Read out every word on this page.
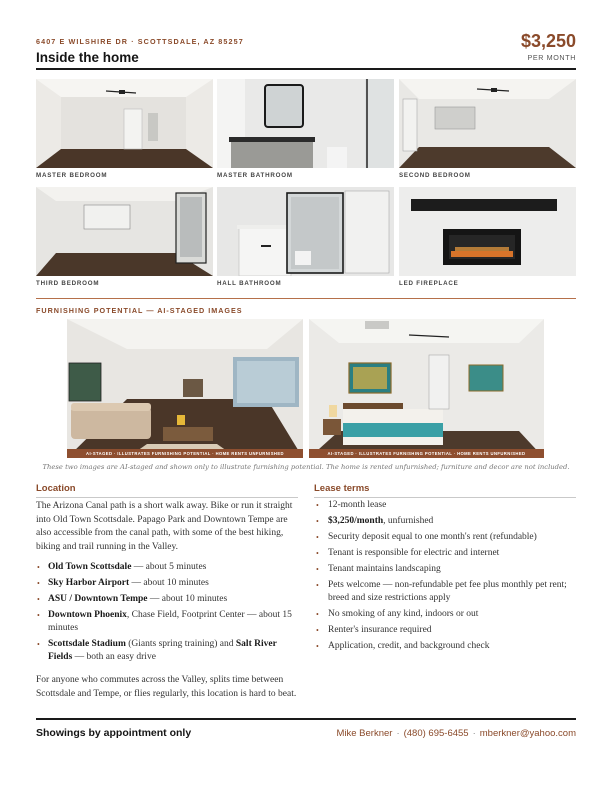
6407 E WILSHIRE DR · SCOTTSDALE, AZ 85257
Inside the home
$3,250
PER MONTH
MASTER BEDROOM	MASTER BATHROOM	SECOND BEDROOM
THIRD BEDROOM	HALL BATHROOM	LED FIREPLACE
FURNISHING POTENTIAL — AI-STAGED IMAGES
AI-STAGED · ILLUSTRATES FURNISHING POTENTIAL · HOME RENTS UNFURNISHED	AI-STAGED · ILLUSTRATES FURNISHING POTENTIAL · HOME RENTS UNFURNISHED
These two images are AI-staged and shown only to illustrate furnishing potential. The home is rented unfurnished; furniture and decor are not included.
Location
The Arizona Canal path is a short walk away. Bike or run it straight into Old Town Scottsdale. Papago Park and Downtown Tempe are also accessible from the canal path, with some of the best hiking, biking and trail running in the Valley.
• Old Town Scottsdale — about 5 minutes
• Sky Harbor Airport — about 10 minutes
• ASU / Downtown Tempe — about 10 minutes
• Downtown Phoenix, Chase Field, Footprint Center — about 15 minutes
• Scottsdale Stadium (Giants spring training) and Salt River Fields — both an easy drive
For anyone who commutes across the Valley, splits time between Scottsdale and Tempe, or flies regularly, this location is hard to beat.
Lease terms
• 12-month lease
• $3,250/month, unfurnished
• Security deposit equal to one month's rent (refundable)
• Tenant is responsible for electric and internet
• Tenant maintains landscaping
• Pets welcome — non-refundable pet fee plus monthly pet rent; breed and size restrictions apply
• No smoking of any kind, indoors or out
• Renter's insurance required
• Application, credit, and background check
Showings by appointment only	Mike Berkner · (480) 695-6455 · mberkner@yahoo.com
